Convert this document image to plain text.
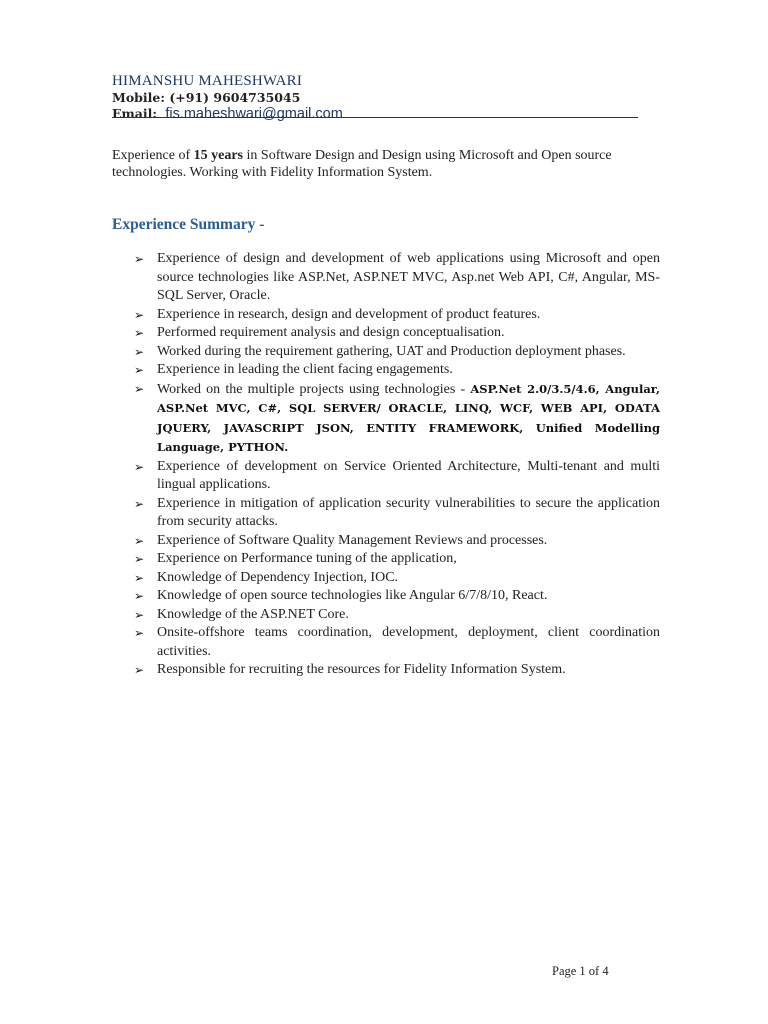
HIMANSHU MAHESHWARI
Mobile: (+91) 9604735045
Email: fis.maheshwari@gmail.com
Experience of 15 years in Software Design and Design using Microsoft and Open source technologies. Working with Fidelity Information System.
Experience Summary -
➢ Experience of design and development of web applications using Microsoft and open source technologies like ASP.Net, ASP.NET MVC, Asp.net Web API, C#, Angular, MS-SQL Server, Oracle.
➢ Experience in research, design and development of product features.
➢ Performed requirement analysis and design conceptualisation.
➢ Worked during the requirement gathering, UAT and Production deployment phases.
➢ Experience in leading the client facing engagements.
➢ Worked on the multiple projects using technologies - ASP.Net 2.0/3.5/4.6, Angular, ASP.Net MVC, C#, SQL SERVER/ ORACLE, LINQ, WCF, WEB API, ODATA JQUERY, JAVASCRIPT JSON, ENTITY FRAMEWORK, Unified Modelling Language, PYTHON.
➢ Experience of development on Service Oriented Architecture, Multi-tenant and multi lingual applications.
➢ Experience in mitigation of application security vulnerabilities to secure the application from security attacks.
➢ Experience of Software Quality Management Reviews and processes.
➢ Experience on Performance tuning of the application,
➢ Knowledge of Dependency Injection, IOC.
➢ Knowledge of open source technologies like Angular 6/7/8/10, React.
➢ Knowledge of the ASP.NET Core.
➢ Onsite-offshore teams coordination, development, deployment, client coordination activities.
➢ Responsible for recruiting the resources for Fidelity Information System.
Page 1 of 4
